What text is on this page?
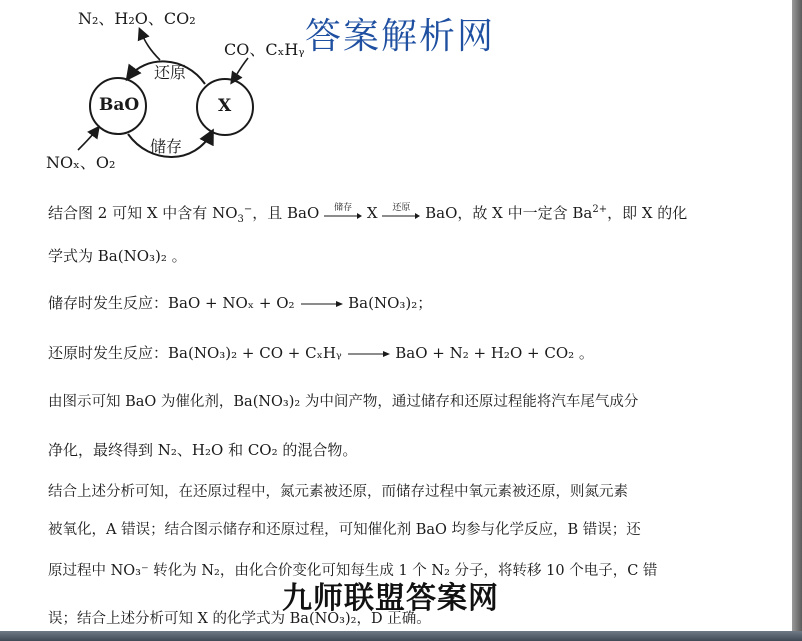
N₂、H₂O、CO₂
CO、CₓHᵧ
还原
储存
BaO	X
NOₓ、O₂
答案解析网
结合图 2 可知 X 中含有 $NO_3^-$，且 BaO	储存 X	还原 BaO，故 X 中一定含 $Ba^{2+}$，即 X 的化
学式为 Ba(NO₃)₂ 。
储存时发生反应：BaO + NOₓ + O₂ → Ba(NO₃)₂；
还原时发生反应：Ba(NO₃)₂ + CO + CₓHᵧ → BaO + N₂ + H₂O + CO₂ 。
由图示可知 BaO 为催化剂，Ba(NO₃)₂ 为中间产物，通过储存和还原过程能将汽车尾气成分
净化，最终得到 N₂、H₂O 和 CO₂ 的混合物。
结合上述分析可知，在还原过程中，氮元素被还原，而储存过程中氧元素被还原，则氮元素
被氧化，A 错误；结合图示储存和还原过程，可知催化剂 BaO 均参与化学反应，B 错误；还
原过程中 NO₃⁻ 转化为 N₂，由化合价变化可知每生成 1 个 N₂ 分子，将转移 10 个电子，C 错
误；结合上述分析可知 X 的化学式为 Ba(NO₃)₂，D 正确。
九师联盟答案网
